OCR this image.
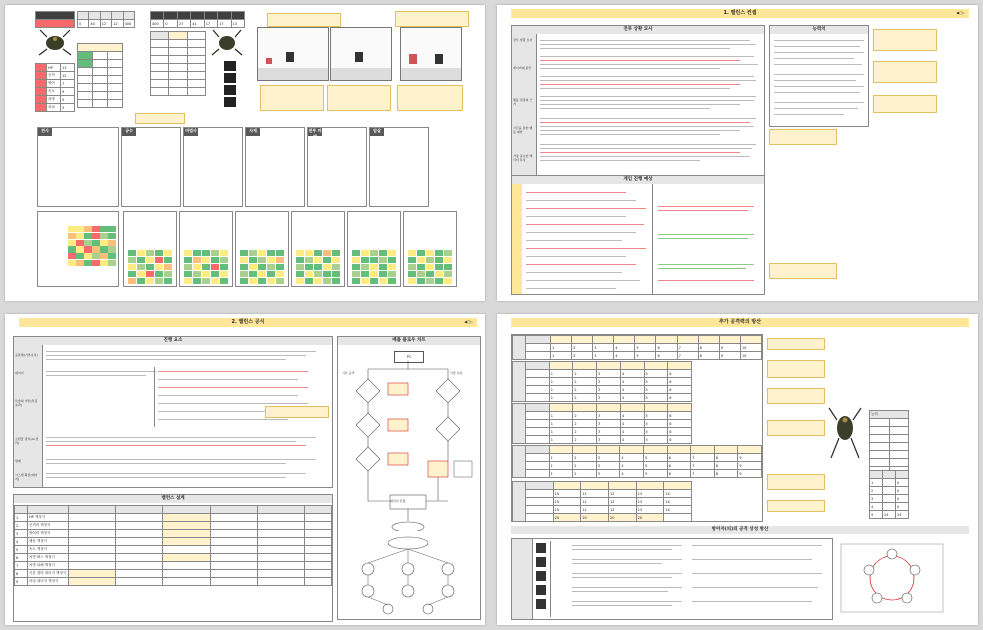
	HP	13
	공격	12
	방어	7
	속도	9
	치명	5
	치피	3

0	40	12	12	400

							400	0	27	41	17	17	13

전사	궁수	마법사	사제	전투 마법
암살
1. 밸런스 컨셉	◀□▷
전투 상황 묘사
전투 상황 묘사
게이머의 판단
행동 결정의 근거
시간을 통한 행동 제한
가장 중요한 캐릭터 특성
능력치
게임 진행 예상
2. 밸런스 공식	◀□▷
진행 요소
공통행(기본속성)
대미지
특술의 기반(특징 효과)
소환물 관리(AI 관리)
방패
시스템 확장(대미지)
배틀 플로우 차트
PC
기본 공격	기술 사용
대미지 산출
밸런스 설계

1	HP 책정식						
2	공격력 책정식						
3	방어력 책정식						
4	행동 책정식						
5	속도 책정식						
6	치명 확스 책정식						
7	치명 피해 책정식						
8	기본 경비 대미지 책정식						
9	마딜 대미지 책정식						
추가 공격력의 방산

		1	2	3	4	5	6	7	8	9	10
		1	2	3	4	5	6	7	8	9	10

		1	2	3	4	5	6
		1	2	3	4	5	6
		1	2	3	4	5	6
		1	2	3	4	5	6

		1	2	3	4	5	6
		1	2	3	4	5	6
		1	2	3	4	5	6
		1	2	3	4	5	6

		1	2	3	4	5	6	7	8	9
		1	2	3	4	5	6	7	8	9
		1	2	3	4	5	6	7	8	9

		10	11	12	13	14
		10	11	12	13	14
		10	11	12	13	14
		20	20	20	20	
능력	

1		0
2		0
3		0
4		0
5	24	24
방어자(피)의 공격 상성 방산
